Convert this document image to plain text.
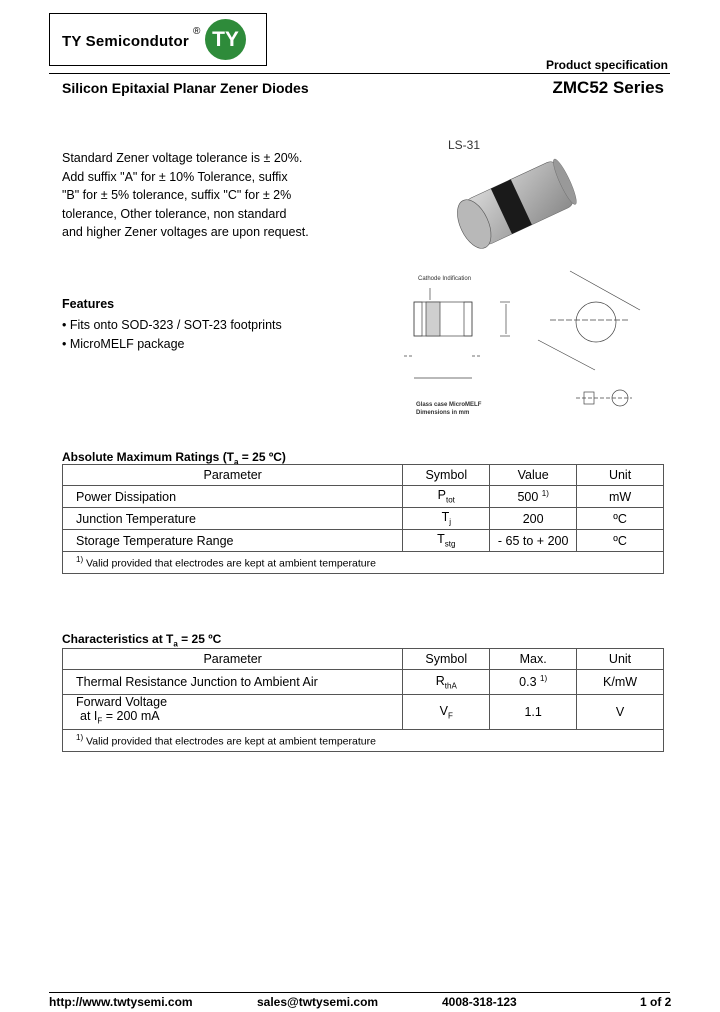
TY Semicondutor
® TY
Product specification
Silicon Epitaxial Planar Zener Diodes	ZMC52 Series
Standard Zener voltage tolerance is ± 20%.
Add suffix "A" for ± 10% Tolerance, suffix
"B" for ± 5% tolerance, suffix "C" for ± 2%
tolerance, Other tolerance, non standard
and higher Zener voltages are upon request.
LS-31
Cathode Indification
Glass case MicroMELF
Dimensions in mm
Features
• Fits onto SOD-323 / SOT-23 footprints
• MicroMELF package
Absolute Maximum Ratings ($T_a = 25$ ºC)
Parameter	Symbol	Value	Unit
Power Dissipation	$P_{tot}$	500 $^{1)}$	mW
Junction Temperature	$T_j$	200	ºC
Storage Temperature Range	$T_{stg}$	- 65 to + 200	ºC
$^{1)}$ Valid provided that electrodes are kept at ambient temperature			
Characteristics at $T_a = 25$ ºC
Parameter	Symbol	Max.	Unit
Thermal Resistance Junction to Ambient Air	$R_{thA}$	0.3 $^{1)}$	K/mW

Forward Voltage
at $I_F = 200$ mA	$V_F$	1.1	V
$^{1)}$ Valid provided that electrodes are kept at ambient temperature			
http://www.twtysemi.com	sales@twtysemi.com	4008-318-123	1 of 2
